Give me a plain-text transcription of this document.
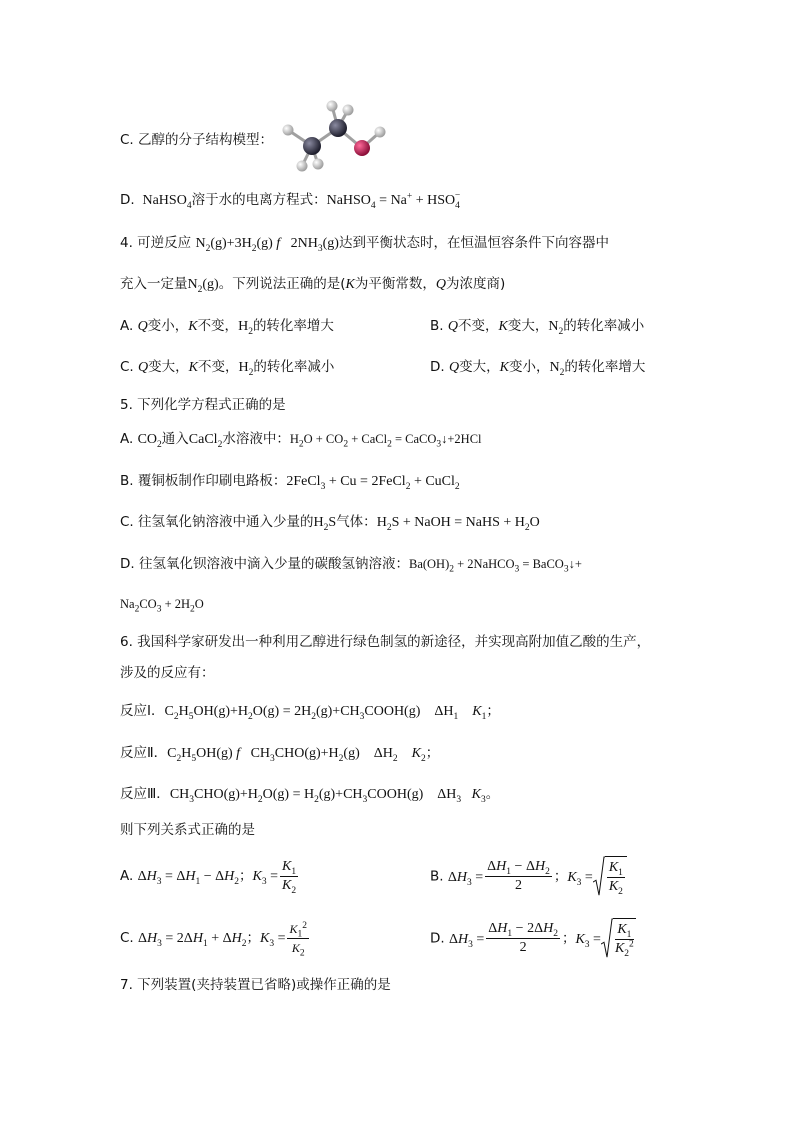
C. 乙醇的分子结构模型：
D.  NaHSO$_4$溶于水的电离方程式：NaHSO$_4$ = $Na^+ + HSO_4^-$
4. 可逆反应 $N_2(g)+3H_2(g)$ f   $2NH_3(g)$达到平衡状态时，在恒温恒容条件下向容器中
充入一定量$N_2(g)$。下列说法正确的是(K为平衡常数，Q为浓度商)
A. Q变小，K不变，$H_2$的转化率增大	B. Q不变，K变大，$N_2$的转化率减小
C. Q变大，K不变，$H_2$的转化率减小	D. Q变大，K变小，$N_2$的转化率增大
5. 下列化学方程式正确的是
A. $CO_2$通入CaCl$_2$水溶液中：$H_2O + CO_2$ + CaCl$_2$ = CaCO$_3$↓+2HCl
B. 覆铜板制作印刷电路板：2FeCl$_3$ + Cu = 2FeCl$_2$ + CuCl$_2$
C. 往氢氧化钠溶液中通入少量的$H_2S$气体：$H_2S$ + NaOH = NaHS + $H_2O$
D. 往氢氧化钡溶液中滴入少量的碳酸氢钠溶液：$Ba(OH)_2$ + 2NaHCO$_3$ = BaCO$_3$↓+
$Na_2CO_3 + 2H_2O$
6. 我国科学家研发出一种利用乙醇进行绿色制氢的新途径，并实现高附加值乙酸的生产，
涉及的反应有：
反应Ⅰ．$C_2H_5OH(g)+H_2O(g)$ = $2H_2(g)+CH_3COOH(g)$    $\Delta H_1$ $K_1$；
反应Ⅱ．$C_2H_5OH(g)$ f   $CH_3CHO(g)+H_2(g)$    $\Delta H_2$ $K_2$；
反应Ⅲ．$CH_3CHO(g)+H_2O(g)$ = $H_2(g)+CH_3COOH(g)$    $\Delta H_3$ $K_3$。
则下列关系式正确的是
A. $\Delta H_3 = \Delta H_1 - \Delta H_2$；$K_3 = \frac{K_1}{K_2}$	B. $\Delta H_3 = \frac{\Delta H_1 - \Delta H_2}{2}$ ；$K_3 = \frac{K_1}{K_2}$
C. $\Delta H_3 = 2\Delta H_1 + \Delta H_2$；$K_3 = \frac{K_1^2}{K_2}$	D. $\Delta H_3 = \frac{\Delta H_1 - 2\Delta H_2}{2}$ ；$K_3 = \frac{K_1}{K_2^2}$
7. 下列装置(夹持装置已省略)或操作正确的是
